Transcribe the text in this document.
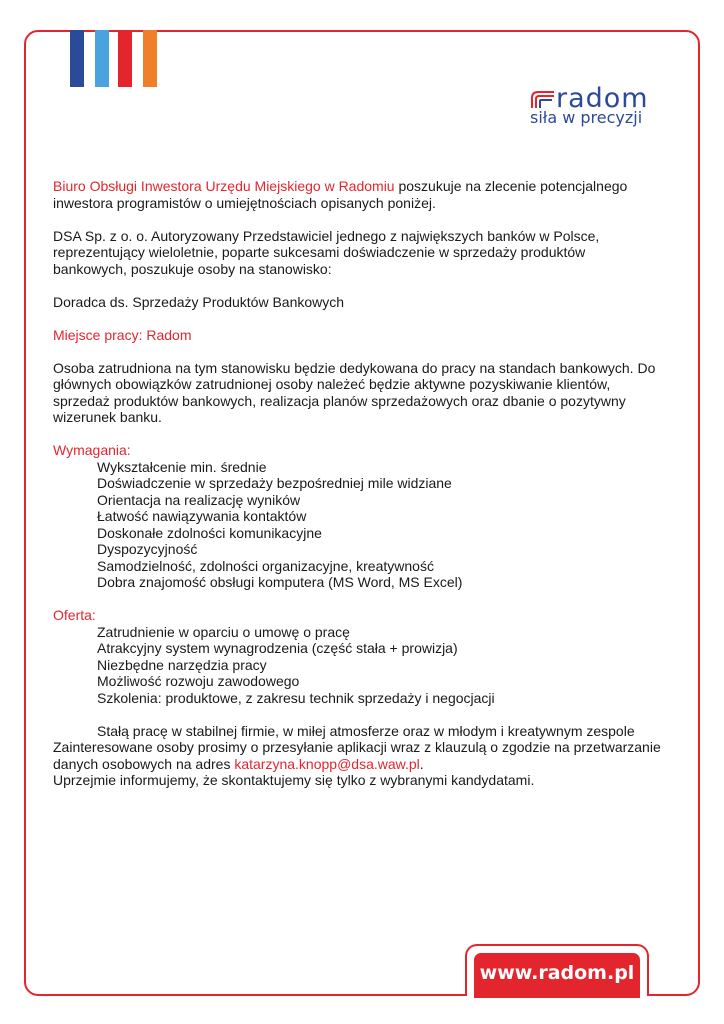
radom
siła w precyzji

Biuro Obsługi Inwestora Urzędu Miejskiego w Radomiu poszukuje na zlecenie potencjalnego inwestora programistów o umiejętnościach opisanych poniżej.

DSA Sp. z o. o. Autoryzowany Przedstawiciel jednego z największych banków w Polsce, reprezentujący wieloletnie, poparte sukcesami doświadczenie w sprzedaży produktów bankowych, poszukuje osoby na stanowisko:

Doradca ds. Sprzedaży Produktów Bankowych

Miejsce pracy: Radom

Osoba zatrudniona na tym stanowisku będzie dedykowana do pracy na standach bankowych. Do głównych obowiązków zatrudnionej osoby należeć będzie aktywne pozyskiwanie klientów, sprzedaż produktów bankowych, realizacja planów sprzedażowych oraz dbanie o pozytywny wizerunek banku.

Wymagania:
Wykształcenie min. średnie
Doświadczenie w sprzedaży bezpośredniej mile widziane
Orientacja na realizację wyników
Łatwość nawiązywania kontaktów
Doskonałe zdolności komunikacyjne
Dyspozycyjność
Samodzielność, zdolności organizacyjne, kreatywność
Dobra znajomość obsługi komputera (MS Word, MS Excel)
Oferta:
Zatrudnienie w oparciu o umowę o pracę
Atrakcyjny system wynagrodzenia (część stała + prowizja)
Niezbędne narzędzia pracy
Możliwość rozwoju zawodowego
Szkolenia: produktowe, z zakresu technik sprzedaży i negocjacji
Stałą pracę w stabilnej firmie, w miłej atmosferze oraz w młodym i kreatywnym zespole

Zainteresowane osoby prosimy o przesyłanie aplikacji wraz z klauzulą o zgodzie na przetwarzanie danych osobowych na adres katarzyna.knopp@dsa.waw.pl.

Uprzejmie informujemy, że skontaktujemy się tylko z wybranymi kandydatami.

www.radom.pl
